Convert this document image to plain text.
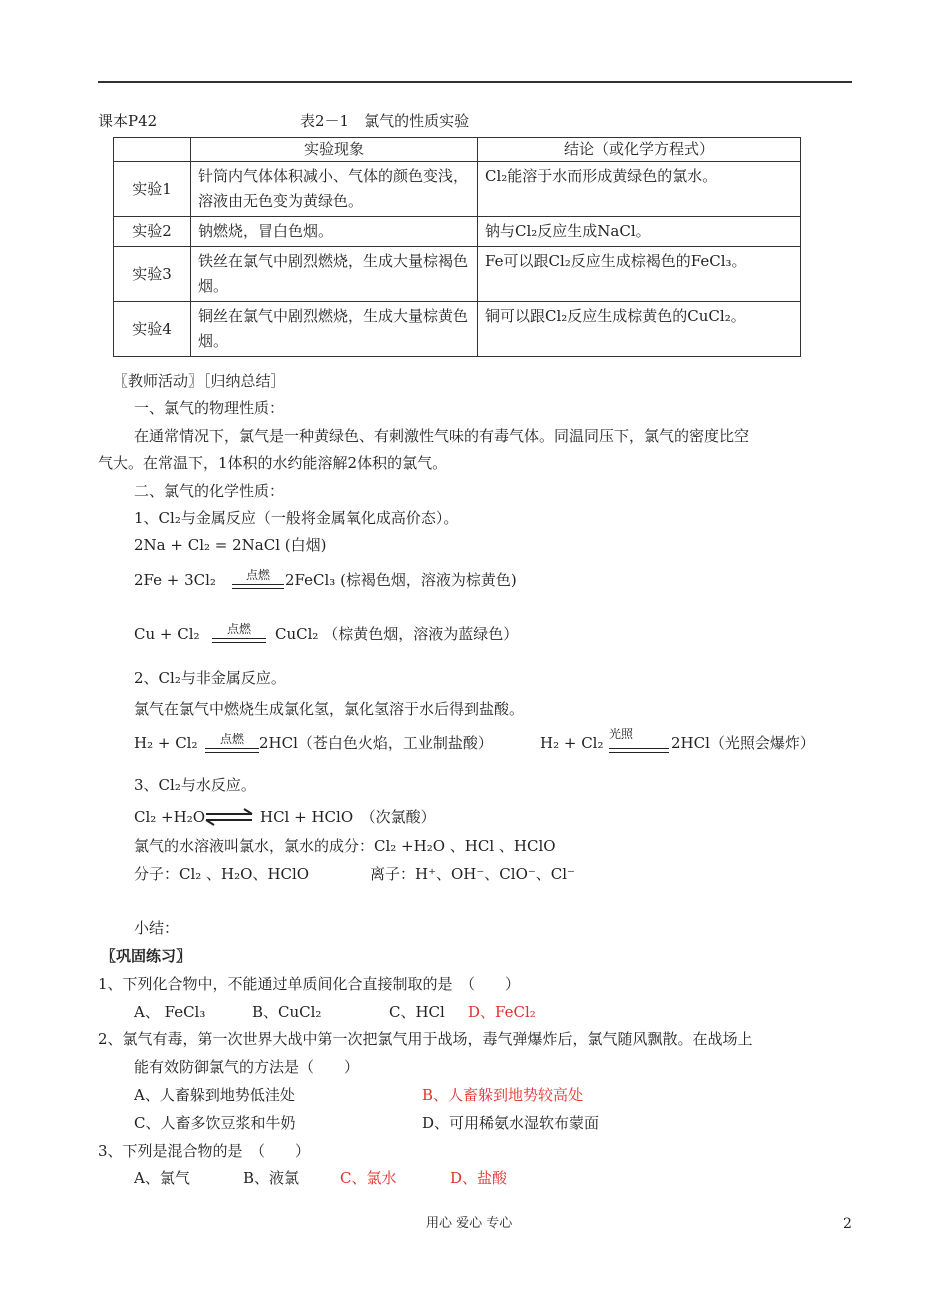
课本P42	表2－1　氯气的性质实验
	实验现象	结论（或化学方程式）
实验1	针筒内气体体积减小、气体的颜色变浅，溶液由无色变为黄绿色。	Cl₂能溶于水而形成黄绿色的氯水。
实验2	钠燃烧，冒白色烟。	钠与Cl₂反应生成NaCl。
实验3	铁丝在氯气中剧烈燃烧，生成大量棕褐色烟。	Fe可以跟Cl₂反应生成棕褐色的FeCl₃。
实验4	铜丝在氯气中剧烈燃烧，生成大量棕黄色烟。	铜可以跟Cl₂反应生成棕黄色的CuCl₂。
〖教师活动〗［归纳总结］
一、氯气的物理性质：
在通常情况下，氯气是一种黄绿色、有刺激性气味的有毒气体。同温同压下，氯气的密度比空
气大。在常温下，1体积的水约能溶解2体积的氯气。
二、氯气的化学性质：
1、Cl₂与金属反应（一般将金属氧化成高价态）。
2Na + Cl₂ = 2NaCl (白烟)
2Fe + 3Cl₂	点燃	2FeCl₃ (棕褐色烟，溶液为棕黄色)
Cu + Cl₂	点燃	CuCl₂ （棕黄色烟，溶液为蓝绿色）
2、Cl₂与非金属反应。
氯气在氯气中燃烧生成氯化氢，氯化氢溶于水后得到盐酸。
H₂ + Cl₂	点燃	2HCl（苍白色火焰，工业制盐酸）	H₂ + Cl₂ 光照	2HCl（光照会爆炸）
3、Cl₂与水反应。
Cl₂ +H₂O ⇌ HCl + HClO　（次氯酸）
氯气的水溶液叫氯水，氯水的成分：Cl₂ +H₂O 、HCl 、HClO
分子：Cl₂ 、H₂O、HClO	离子：H⁺、OH⁻、ClO⁻、Cl⁻
小结：
〖巩固练习〗
1、下列化合物中，不能通过单质间化合直接制取的是　（　　）
A、 FeCl₃	B、CuCl₂	C、HCl D、FeCl₂
2、氯气有毒，第一次世界大战中第一次把氯气用于战场，毒气弹爆炸后，氯气随风飘散。在战场上
能有效防御氯气的方法是（　　）
A、人畜躲到地势低洼处	B、人畜躲到地势较高处
C、人畜多饮豆浆和牛奶	D、可用稀氨水湿软布蒙面
3、下列是混合物的是　（　　）
A、氯气	B、液氯	C、氯水	D、盐酸
用心 爱心 专心	2
